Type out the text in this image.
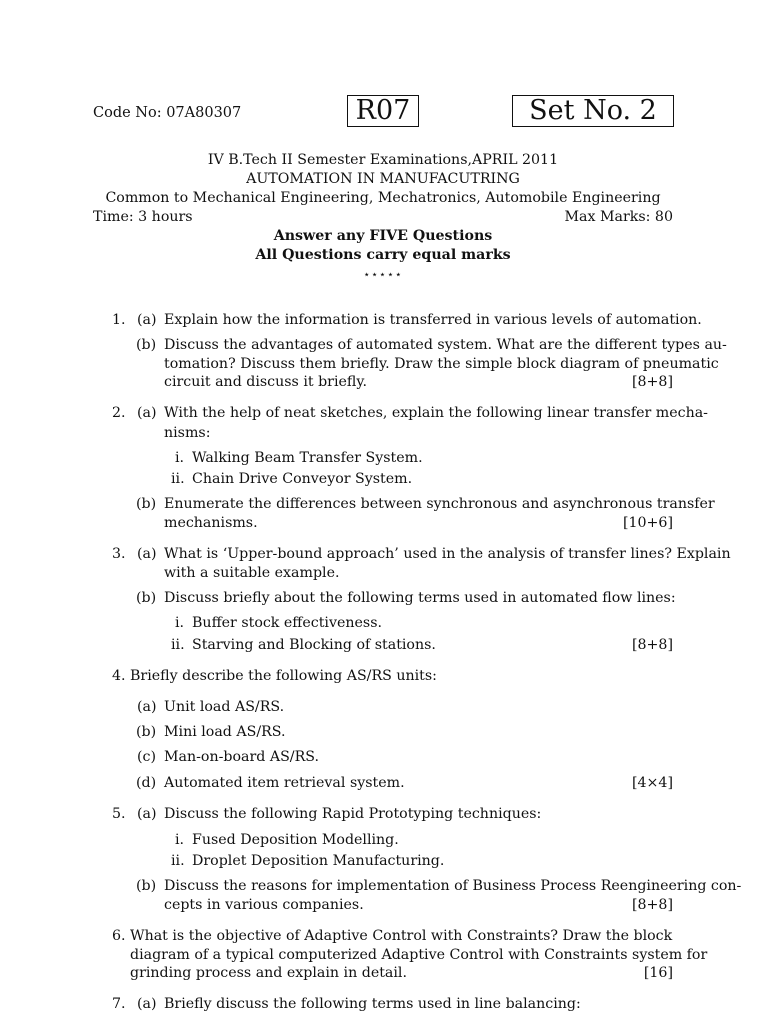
Code No: 07A80307	R07	Set No. 2
IV B.Tech II Semester Examinations,APRIL 2011
AUTOMATION IN MANUFACUTRING
Common to Mechanical Engineering, Mechatronics, Automobile Engineering
Time: 3 hours	Max Marks: 80
Answer any FIVE Questions
All Questions carry equal marks
⋆⋆⋆⋆⋆
1. (a) Explain how the information is transferred in various levels of automation.
(b) Discuss the advantages of automated system. What are the different types au-
tomation? Discuss them briefly. Draw the simple block diagram of pneumatic
circuit and discuss it briefly.	[8+8]
2. (a) With the help of neat sketches, explain the following linear transfer mecha-
nisms:
i. Walking Beam Transfer System.
ii. Chain Drive Conveyor System.
(b) Enumerate the differences between synchronous and asynchronous transfer
mechanisms.	[10+6]
3. (a) What is ‘Upper-bound approach’ used in the analysis of transfer lines? Explain
with a suitable example.
(b) Discuss briefly about the following terms used in automated flow lines:
i. Buffer stock effectiveness.
ii. Starving and Blocking of stations.	[8+8]
4. Briefly describe the following AS/RS units:
(a) Unit load AS/RS.
(b) Mini load AS/RS.
(c) Man-on-board AS/RS.
(d) Automated item retrieval system.	[4×4]
5. (a) Discuss the following Rapid Prototyping techniques:
i. Fused Deposition Modelling.
ii. Droplet Deposition Manufacturing.
(b) Discuss the reasons for implementation of Business Process Reengineering con-
cepts in various companies.	[8+8]
6. What is the objective of Adaptive Control with Constraints? Draw the block
diagram of a typical computerized Adaptive Control with Constraints system for
grinding process and explain in detail.	[16]
7. (a) Briefly discuss the following terms used in line balancing:
